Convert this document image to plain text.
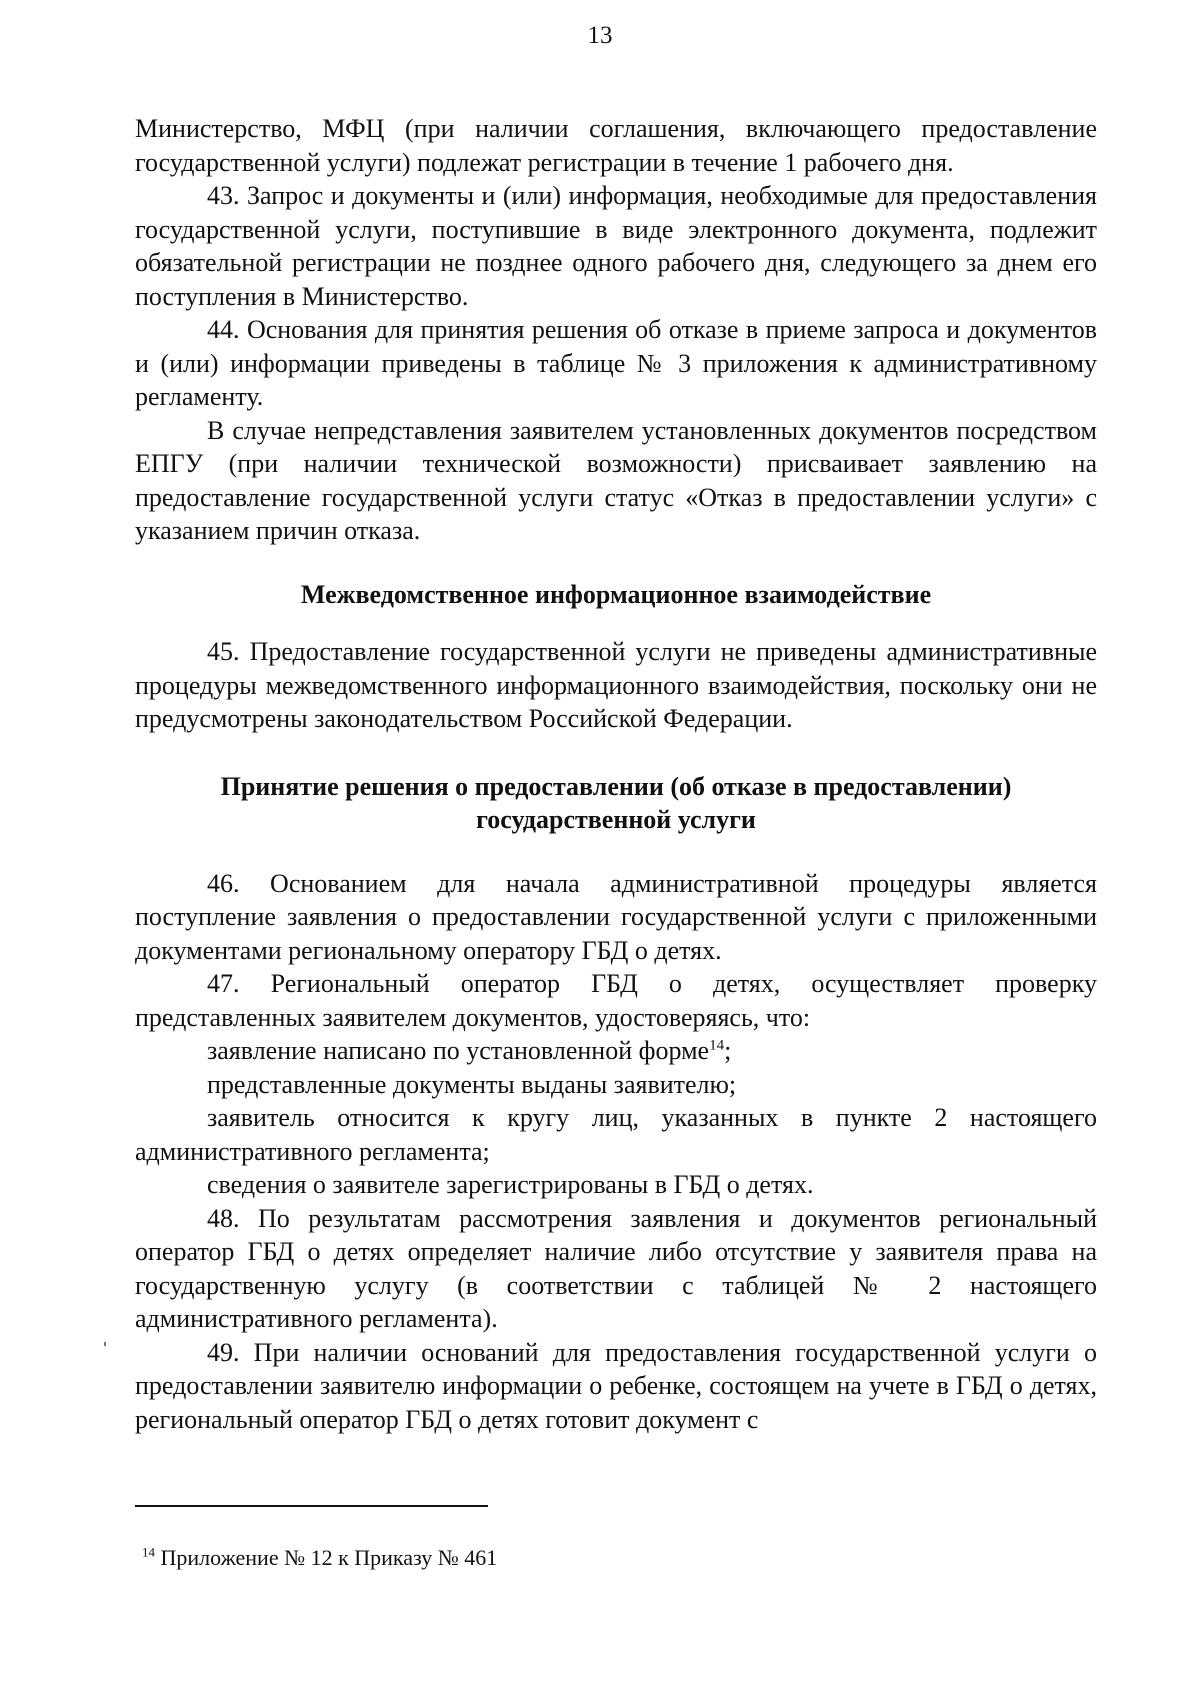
13

Министерство, МФЦ (при наличии соглашения, включающего предоставление государственной услуги) подлежат регистрации в течение 1 рабочего дня.

43. Запрос и документы и (или) информация, необходимые для предоставления государственной услуги, поступившие в виде электронного документа, подлежит обязательной регистрации не позднее одного рабочего дня, следующего за днем его поступления в Министерство.

44. Основания для принятия решения об отказе в приеме запроса и документов и (или) информации приведены в таблице № 3 приложения к административному регламенту.

В случае непредставления заявителем установленных документов посредством ЕПГУ (при наличии технической возможности) присваивает заявлению на предоставление государственной услуги статус «Отказ в предоставлении услуги» с указанием причин отказа.

Межведомственное информационное взаимодействие

45. Предоставление государственной услуги не приведены административные процедуры межведомственного информационного взаимодействия, поскольку они не предусмотрены законодательством Российской Федерации.

Принятие решения о предоставлении (об отказе в предоставлении)
государственной услуги

46. Основанием для начала административной процедуры является поступление заявления о предоставлении государственной услуги с приложенными документами региональному оператору ГБД о детях.

47. Региональный оператор ГБД о детях, осуществляет проверку представленных заявителем документов, удостоверяясь, что:

заявление написано по установленной форме$^{14}$;

представленные документы выданы заявителю;

заявитель относится к кругу лиц, указанных в пункте 2 настоящего административного регламента;

сведения о заявителе зарегистрированы в ГБД о детях.

48. По результатам рассмотрения заявления и документов региональный оператор ГБД о детях определяет наличие либо отсутствие у заявителя права на государственную услугу (в соответствии с таблицей № 2 настоящего административного регламента).

49. При наличии оснований для предоставления государственной услуги о предоставлении заявителю информации о ребенке, состоящем на учете в ГБД о детях, региональный оператор ГБД о детях готовит документ с

$^{14}$ Приложение № 12 к Приказу № 461
